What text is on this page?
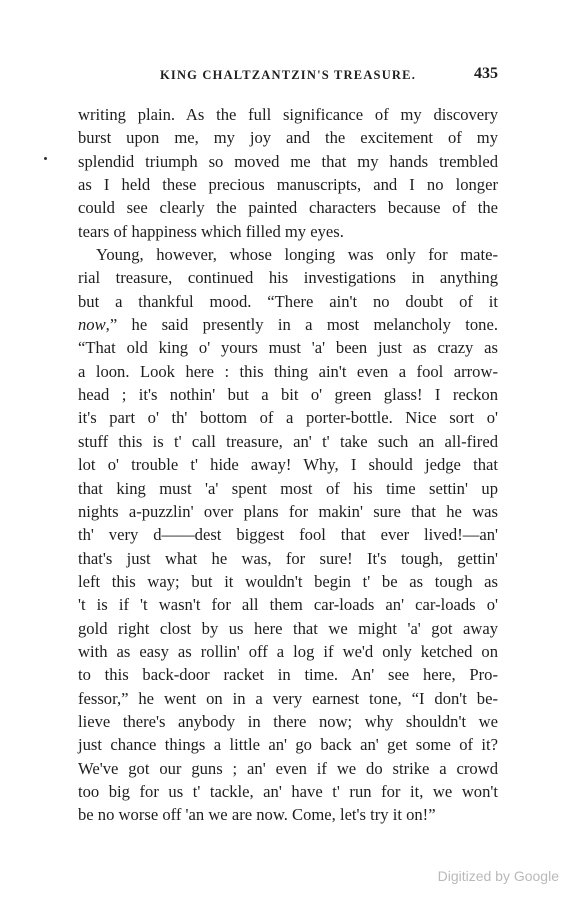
KING CHALTZANTZIN'S TREASURE.	435
writing plain. As the full significance of my discovery
burst upon me, my joy and the excitement of my
splendid triumph so moved me that my hands trembled
as I held these precious manuscripts, and I no longer
could see clearly the painted characters because of the
tears of happiness which filled my eyes.
Young, however, whose longing was only for mate-
rial treasure, continued his investigations in anything
but a thankful mood. “There ain't no doubt of it
now,” he said presently in a most melancholy tone.
“That old king o' yours must 'a' been just as crazy as
a loon. Look here : this thing ain't even a fool arrow-
head ; it's nothin' but a bit o' green glass! I reckon
it's part o' th' bottom of a porter-bottle. Nice sort o'
stuff this is t' call treasure, an' t' take such an all-fired
lot o' trouble t' hide away! Why, I should jedge that
that king must 'a' spent most of his time settin' up
nights a-puzzlin' over plans for makin' sure that he was
th' very d——dest biggest fool that ever lived!—an'
that's just what he was, for sure! It's tough, gettin'
left this way; but it wouldn't begin t' be as tough as
't is if 't wasn't for all them car-loads an' car-loads o'
gold right clost by us here that we might 'a' got away
with as easy as rollin' off a log if we'd only ketched on
to this back-door racket in time. An' see here, Pro-
fessor,” he went on in a very earnest tone, “I don't be-
lieve there's anybody in there now; why shouldn't we
just chance things a little an' go back an' get some of it?
We've got our guns ; an' even if we do strike a crowd
too big for us t' tackle, an' have t' run for it, we won't
be no worse off 'an we are now. Come, let's try it on!”
Digitized by Google
